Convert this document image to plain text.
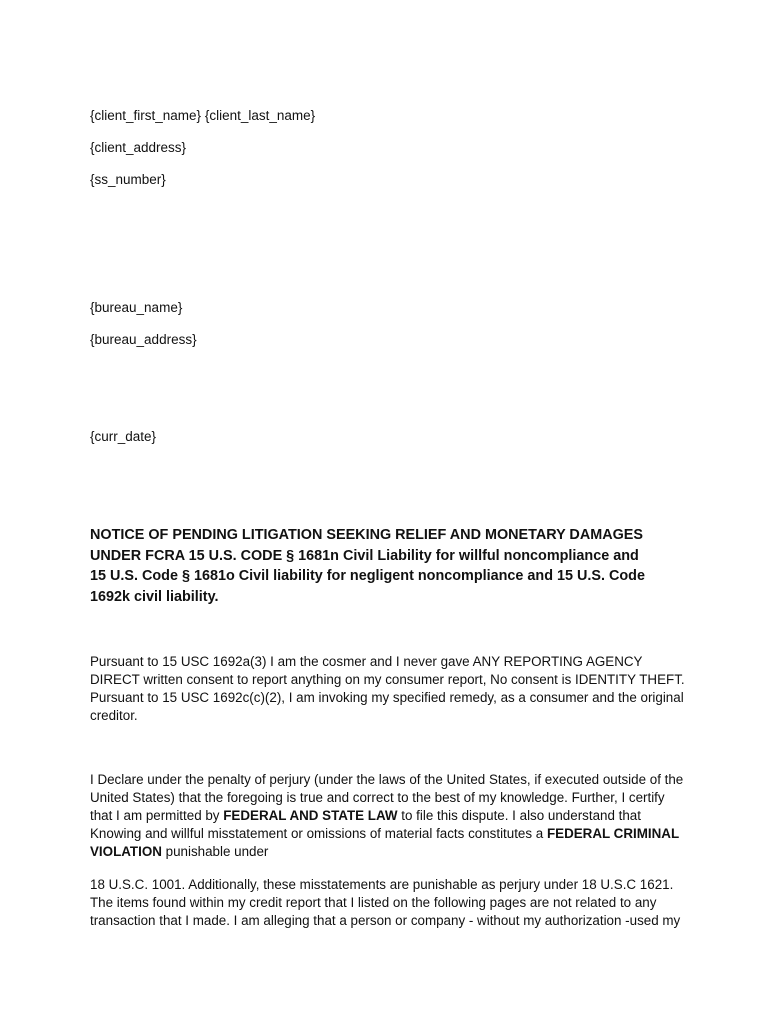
{client_first_name} {client_last_name}
{client_address}
{ss_number}
{bureau_name}
{bureau_address}
{curr_date}
NOTICE OF PENDING LITIGATION SEEKING RELIEF AND MONETARY DAMAGES
UNDER FCRA 15 U.S. CODE § 1681n Civil Liability for willful noncompliance and
15 U.S. Code § 1681o Civil liability for negligent noncompliance and 15 U.S. Code
1692k civil liability.
Pursuant to 15 USC 1692a(3) I am the cosmer and I never gave ANY REPORTING AGENCY
DIRECT written consent to report anything on my consumer report, No consent is IDENTITY THEFT.
Pursuant to 15 USC 1692c(c)(2), I am invoking my specified remedy, as a consumer and the original
creditor.
I Declare under the penalty of perjury (under the laws of the United States, if executed outside of the
United States) that the foregoing is true and correct to the best of my knowledge. Further, I certify
that I am permitted by FEDERAL AND STATE LAW to file this dispute. I also understand that
Knowing and willful misstatement or omissions of material facts constitutes a FEDERAL CRIMINAL
VIOLATION punishable under
18 U.S.C. 1001. Additionally, these misstatements are punishable as perjury under 18 U.S.C 1621.
The items found within my credit report that I listed on the following pages are not related to any
transaction that I made. I am alleging that a person or company - without my authorization -used my
